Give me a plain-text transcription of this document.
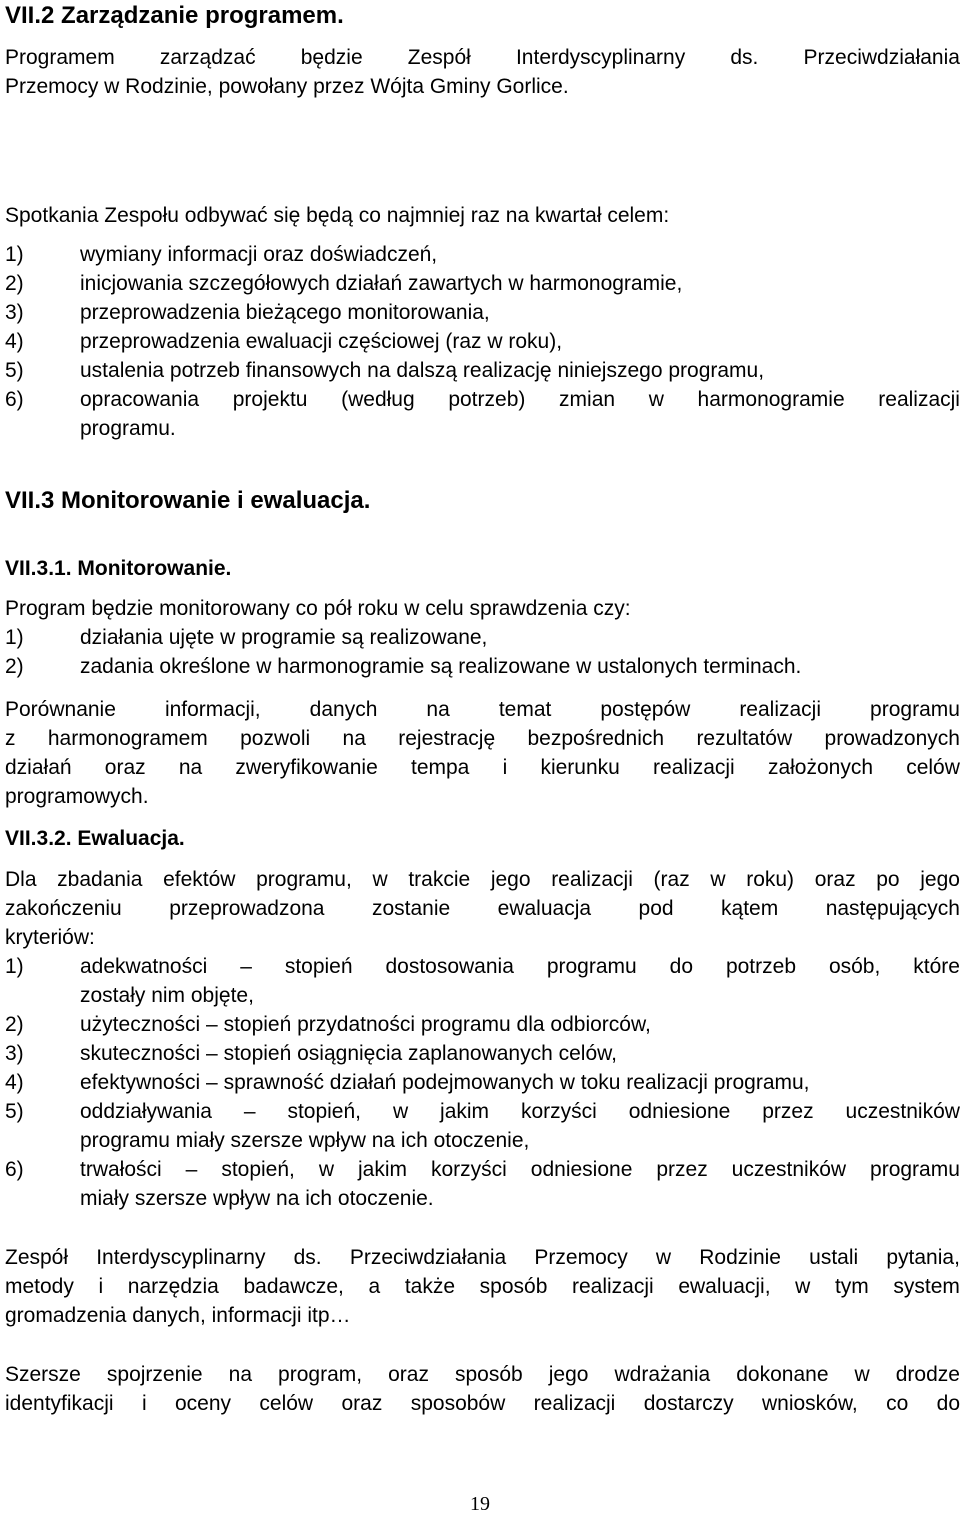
VII.2 Zarządzanie programem.
Programem zarządzać będzie Zespół Interdyscyplinarny ds. Przeciwdziałania
Przemocy w Rodzinie, powołany przez Wójta Gminy Gorlice.
Spotkania Zespołu odbywać się będą co najmniej raz na kwartał celem:
1)	wymiany informacji oraz doświadczeń,
2)	inicjowania szczegółowych działań zawartych w harmonogramie,
3)	przeprowadzenia bieżącego monitorowania,
4)	przeprowadzenia ewaluacji częściowej (raz w roku),
5)	ustalenia potrzeb finansowych na dalszą realizację niniejszego programu,
6)	opracowania projektu (według potrzeb) zmian w harmonogramie realizacji
programu.
VII.3 Monitorowanie i ewaluacja.
VII.3.1. Monitorowanie.
Program będzie monitorowany co pół roku w celu sprawdzenia czy:
1)	działania ujęte w programie są realizowane,
2)	zadania określone w harmonogramie są realizowane w ustalonych terminach.
Porównanie informacji, danych na temat postępów realizacji programu
z harmonogramem pozwoli na rejestrację bezpośrednich rezultatów prowadzonych
działań oraz na zweryfikowanie tempa i kierunku realizacji założonych celów
programowych.
VII.3.2. Ewaluacja.
Dla zbadania efektów programu, w trakcie jego realizacji (raz w roku) oraz po jego
zakończeniu przeprowadzona zostanie ewaluacja pod kątem następujących
kryteriów:
1)	adekwatności – stopień dostosowania programu do potrzeb osób, które
zostały nim objęte,
2)	użyteczności – stopień przydatności programu dla odbiorców,
3)	skuteczności – stopień osiągnięcia zaplanowanych celów,
4)	efektywności – sprawność działań podejmowanych w toku realizacji programu,
5)	oddziaływania – stopień, w jakim korzyści odniesione przez uczestników
programu miały szersze wpływ na ich otoczenie,
6)	trwałości – stopień, w jakim korzyści odniesione przez uczestników programu
miały szersze wpływ na ich otoczenie.
Zespół Interdyscyplinarny ds. Przeciwdziałania Przemocy w Rodzinie ustali pytania,
metody i narzędzia badawcze, a także sposób realizacji ewaluacji, w tym system
gromadzenia danych, informacji itp…
Szersze spojrzenie na program, oraz sposób jego wdrażania dokonane w drodze
identyfikacji i oceny celów oraz sposobów realizacji dostarczy wniosków, co do
19
